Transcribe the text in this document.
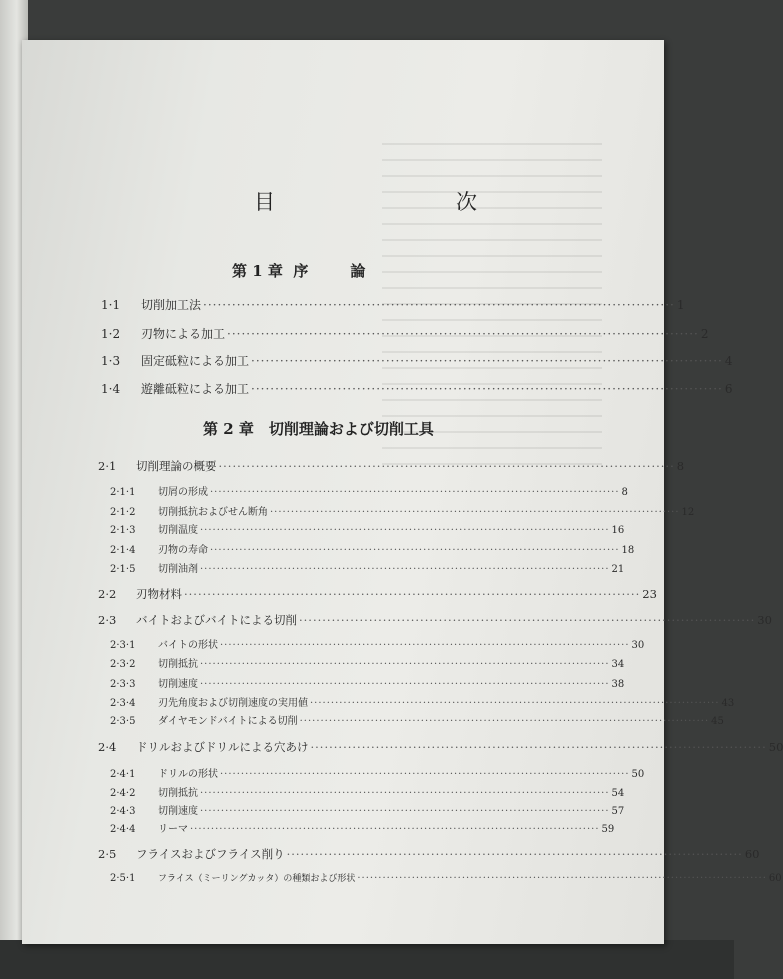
目　次
第 1 章 序	論
1·1	切削加工法 ·································································································· 1
1·2	刃物による加工 ·································································································· 2
1·3	固定砥粒による加工 ·································································································· 4
1·4	遊離砥粒による加工 ·································································································· 6
第 2 章　切削理論および切削工具
2·1	切削理論の概要 ·································································································· 8
2·1·1	切屑の形成 ·································································································· 8
2·1·2	切削抵抗およびせん断角 ·································································································· 12
2·1·3	切削温度 ·································································································· 16
2·1·4	刃物の寿命 ·································································································· 18
2·1·5	切削油剤 ·································································································· 21
2·2	刃物材料 ·································································································· 23
2·3	バイトおよびバイトによる切削 ·································································································· 30
2·3·1	バイトの形状 ·································································································· 30
2·3·2	切削抵抗 ·································································································· 34
2·3·3	切削速度 ·································································································· 38
2·3·4	刃先角度および切削速度の実用値 ·································································································· 43
2·3·5	ダイヤモンドバイトによる切削 ·································································································· 45
2·4	ドリルおよびドリルによる穴あけ ·································································································· 50
2·4·1	ドリルの形状 ·································································································· 50
2·4·2	切削抵抗 ·································································································· 54
2·4·3	切削速度 ·································································································· 57
2·4·4	リーマ ·································································································· 59
2·5	フライスおよびフライス削り ·································································································· 60
2·5·1	フライス（ミーリングカッタ）の種類および形状 ·································································································· 60
